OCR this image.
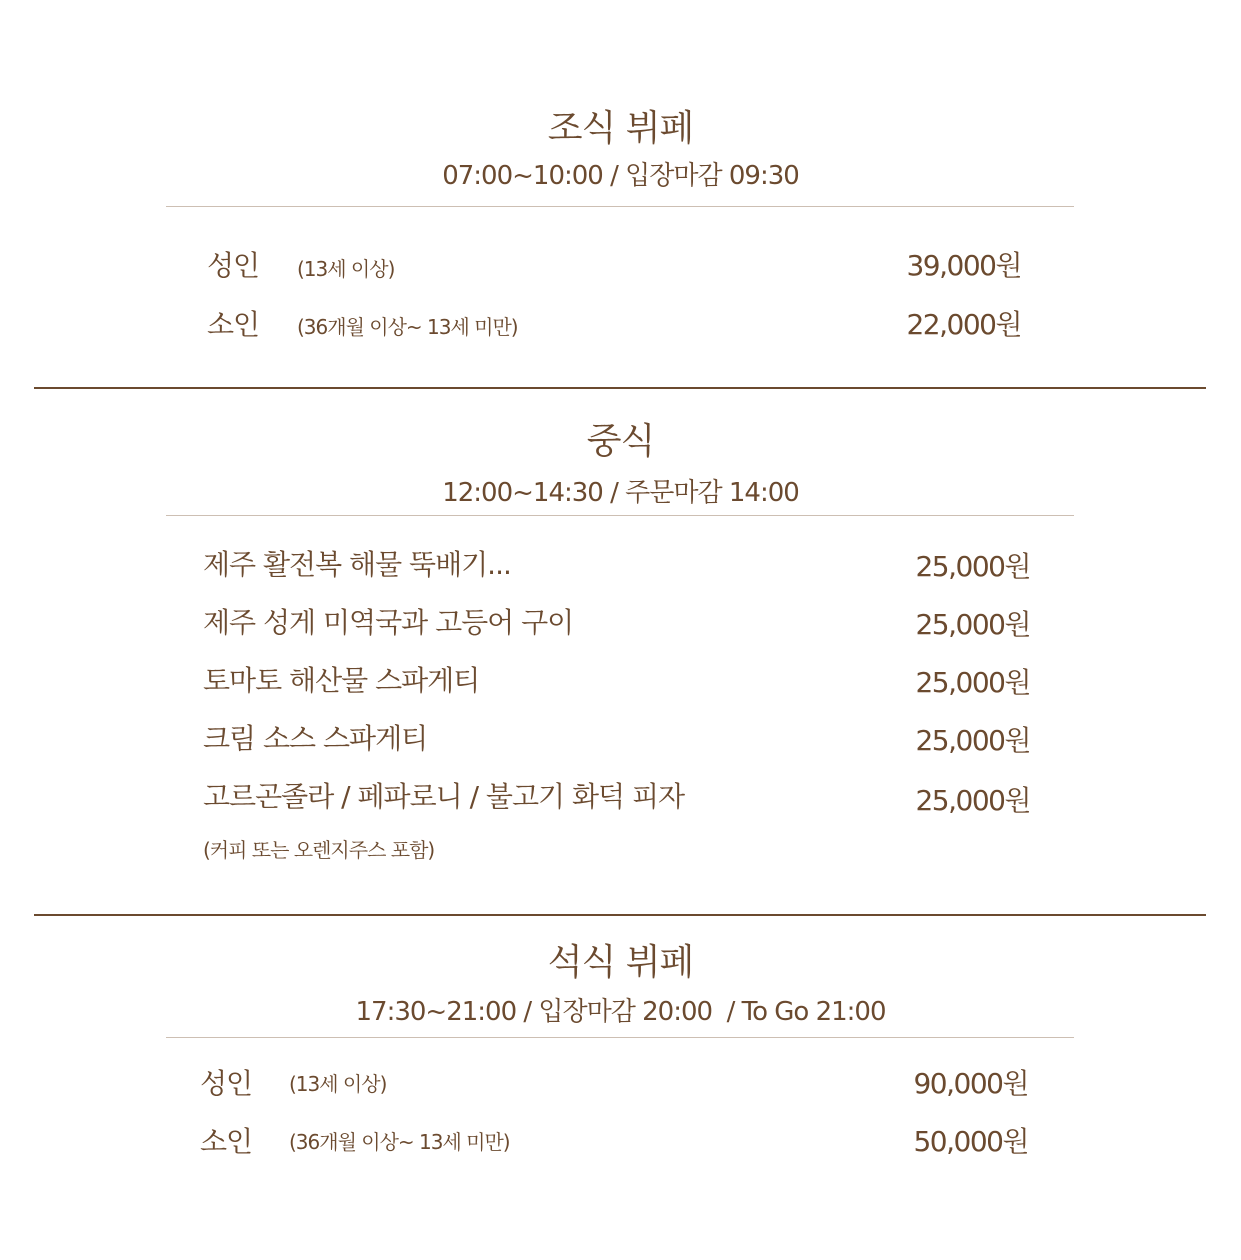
조식 뷔페
07:00~10:00 / 입장마감 09:30
성인 (13세 이상)	39,000원
소인 (36개월 이상~ 13세 미만)	22,000원
중식
12:00~14:30 / 주문마감 14:00
제주 활전복 해물 뚝배기...	25,000원
제주 성게 미역국과 고등어 구이	25,000원
토마토 해산물 스파게티	25,000원
크림 소스 스파게티	25,000원
고르곤졸라 / 페파로니 / 불고기 화덕 피자	25,000원
(커피 또는 오렌지주스 포함)
석식 뷔페
17:30~21:00 / 입장마감 20:00  / To Go 21:00
성인 (13세 이상)	90,000원
소인 (36개월 이상~ 13세 미만)	50,000원
